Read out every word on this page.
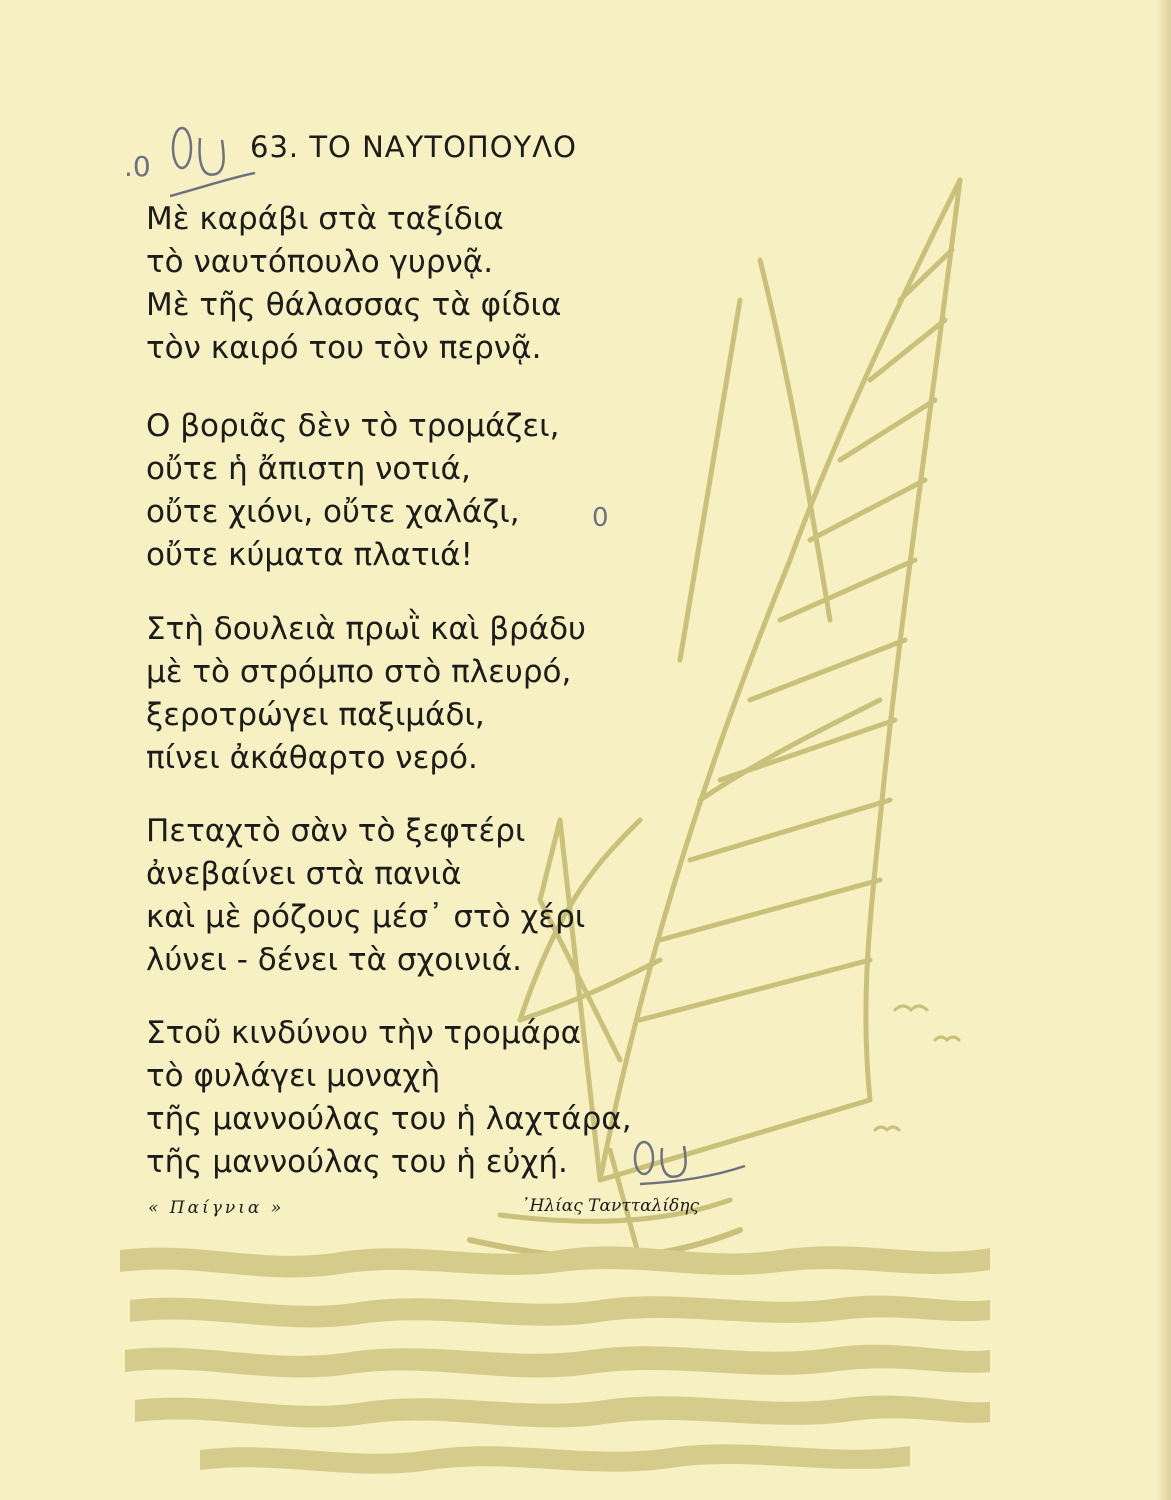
63. ΤΟ ΝΑΥΤΟΠΟΥΛΟ
Μὲ καράβι στὰ ταξίδια
τὸ ναυτόπουλο γυρνᾷ.
Μὲ τῆς θάλασσας τὰ φίδια
τὸν καιρό του τὸν περνᾷ.
Ο βοριᾶς δὲν τὸ τρομάζει,
οὔτε ἡ ἄπιστη νοτιά,
οὔτε χιόνι, οὔτε χαλάζι,
οὔτε κύματα πλατιά!
Στὴ δουλειὰ πρωῒ καὶ βράδυ
μὲ τὸ στρόμπο στὸ πλευρό,
ξεροτρώγει παξιμάδι,
πίνει ἀκάθαρτο νερό.
Πεταχτὸ σὰν τὸ ξεφτέρι
ἀνεβαίνει στὰ πανιὰ
καὶ μὲ ρόζους μέσ᾽ στὸ χέρι
λύνει - δένει τὰ σχοινιά.
Στοῦ κινδύνου τὴν τρομάρα
τὸ φυλάγει μοναχὴ
τῆς μαννούλας του ἡ λαχτάρα,
τῆς μαννούλας του ἡ εὐχή.
« Παίγνια »	᾽Ηλίας Ταντταλίδης
.0
0
